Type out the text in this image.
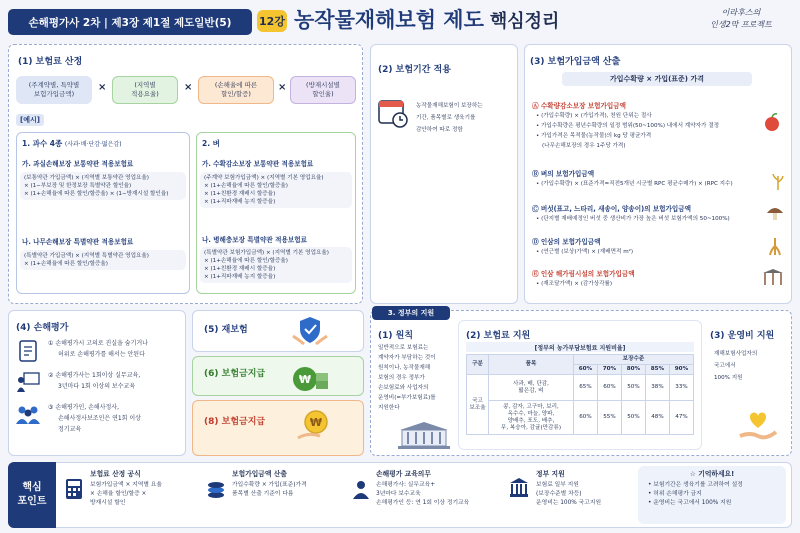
손해평가사 2차 | 제3장 제1절 제도일반(5)	12강 농작물재해보험 제도 핵심정리	이라후스의
인생2막 프로젝트
(1) 보험료 산정
(주계약별, 특약별
보험가입금액)
×	(지역별
적용요율)
×	(손해율에 따른
할인/할증)
×	(방재시설별
할인율)
[예시]
1. 과수 4종 (사과·배·단감·떫은감)
가. 과실손해보장 보통약관 적용보험료
(보통약관 가입금액) × (지역별 보통약관 영업요율)
× (1−부보장 및 한정보장 특별약관 할인율)
× (1+손해율에 따른 할인/할증율) × (1−방재시설 할인율)
나. 나무손해보장 특별약관 적용보험료
(특별약관 가입금액) × (지역별 특별약관 영업요율)
× (1+손해율에 따른 할인/할증율)
2. 벼
가. 수확감소보장 보통약관 적용보험료
(주계약 보험가입금액) × (지역별 기본 영업요율)
× (1+손해율에 따른 할인/할증율)
× (1+친환경 재배시 할증율)
× (1+직파재배 농지 할증율)
나. 병해충보장 특별약관 적용보험료
(특별약관 보험가입금액) × (지역별 기본 영업요율)
× (1+손해율에 따른 할인/할증율)
× (1+친환경 재배시 할증율)
× (1+직파재배 농지 할증율)
(2) 보험기간 적용
농작물재해보험이 보장하는
기간, 품목별로 생육기를
감안하여 따로 정함
(3) 보험가입금액 산출
가입수확량 × 가입(표준) 가격
Ⓐ 수확량감소보장 보험가입금액
• (가입수확량) × (가입가격), 천원 단위는 절사
• 가입수확량은 평년수확량의 일정 범위(50~100%) 내에서 계약자가 결정
• 가입가격은 목적물(농작물)의 kg 당 평균가격
(나무손해보장의 경우 1주당 가격)
Ⓑ 벼의 보험가입금액
• (가입수확량) × (표준가격=직전5개년 시군별 RPC 평균수매가) × (RPC 지수)
Ⓒ 버섯(표고, 느타리, 새송이, 양송이)의 보험가입금액
• (단지별 재배예정인 버섯 중 생산비가 가장 높은 버섯 보험가액의 50~100%)
Ⓓ 인삼의 보험가입금액
• (연근별 (보상)가액) × (재배면적 m²)
Ⓔ 인삼 해가림시설의 보험가입금액
• (재조달가액) × (감가상각률)
(4) 손해평가
① 손해평가시 고의로 진실을 숨기거나
허위로 손해평가를 해서는 안된다
② 손해평가사는 1회이상 실무교육,
3년마다 1회 이상의 보수교육
③ 손해평가인, 손해사정사,
손해사정사보조인은 연1회 이상
정기교육
(5) 재보험
(6) 보험금지급	₩
(8) 보험금지급	₩
3. 정부의 지원
(1) 원칙
일반적으로 보험료는
계약자가 부담하는 것이
원칙이나, 농작물재해
보험의 경우 정부가
손보험료와 사업자의
운영비(=부가보험료)를
지원한다
(2) 보험료 지원
[정부의 농가부담보험료 지원비율]
구분	품목	보장수준				
		60%	70%	80%	85%	90%
국고
보조율	사과, 배, 단감,
떫은감, 벼	65%	60%	50%	38%	33%
	콩, 감자, 고구마, 보리,
옥수수, 마늘, 양파,
양배추, 포도, 배추,
무, 복숭아, 감귤(만감류)	60%	55%	50%	48%	47%
(3) 운영비 지원
재해보험사업자의
국고에서
100% 지원
핵심
포인트
보험료 산정 공식
보험가입금액 × 지역별 요율
× 손해율 할인/할증 ×
방재시설 할인
보험가입금액 산출
가입수확량 × 가입(표준)가격
품목별 산출 기준이 다름
손해평가 교육의무
손해평가사: 실무교육+
3년마다 보수교육
손해평가인 등: 연 1회 이상 정기교육
정부 지원
보험료 일부 지원
(보장수준별 차등)
운영비는 100% 국고지원
☆ 기억하세요!
• 보험기간은 생육기를 고려하여 설정
• 허위 손해평가 금지
• 운영비는 국고에서 100% 지원
